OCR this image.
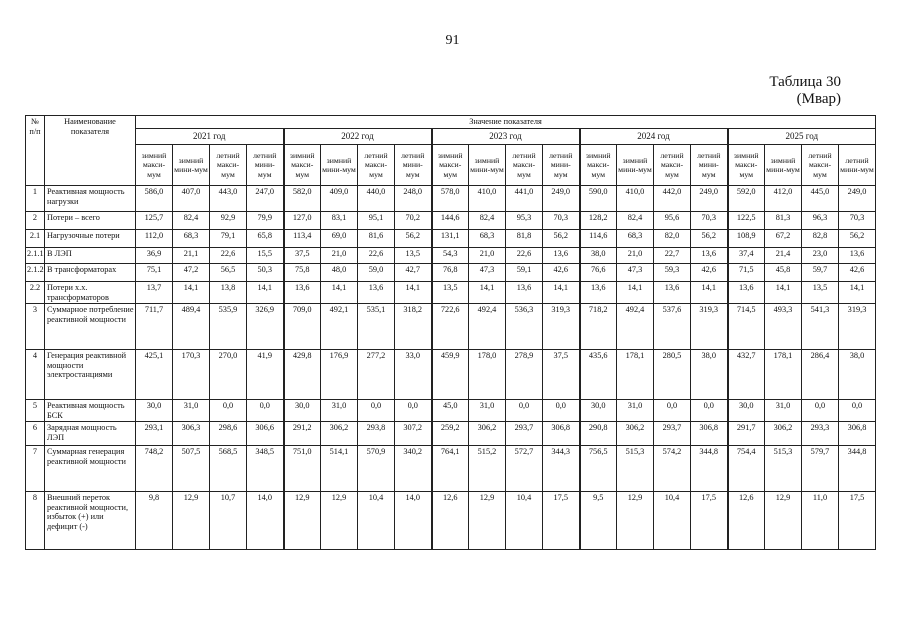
91
Таблица 30
(Мвар)
№ п/п	Наименование показателя	Значение показателя																			
		2021 год				2022 год				2023 год				2024 год				2025 год			
		зимний макси-мум	зимний мини-мум	летний макси-мум	летний мини-мум	зимний макси-мум	зимний мини-мум	летний макси-мум	летний мини-мум	зимний макси-мум	зимний мини-мум	летний макси-мум	летний мини-мум	зимний макси-мум	зимний мини-мум	летний макси-мум	летний мини-мум	зимний макси-мум	зимний мини-мум	летний макси-мум	летний мини-мум
1	Реактивная мощность нагрузки	586,0	407,0	443,0	247,0	582,0	409,0	440,0	248,0	578,0	410,0	441,0	249,0	590,0	410,0	442,0	249,0	592,0	412,0	445,0	249,0
2	Потери – всего	125,7	82,4	92,9	79,9	127,0	83,1	95,1	70,2	144,6	82,4	95,3	70,3	128,2	82,4	95,6	70,3	122,5	81,3	96,3	70,3
2.1	Нагрузочные потери	112,0	68,3	79,1	65,8	113,4	69,0	81,6	56,2	131,1	68,3	81,8	56,2	114,6	68,3	82,0	56,2	108,9	67,2	82,8	56,2
2.1.1	В ЛЭП	36,9	21,1	22,6	15,5	37,5	21,0	22,6	13,5	54,3	21,0	22,6	13,6	38,0	21,0	22,7	13,6	37,4	21,4	23,0	13,6
2.1.2	В трансформаторах	75,1	47,2	56,5	50,3	75,8	48,0	59,0	42,7	76,8	47,3	59,1	42,6	76,6	47,3	59,3	42,6	71,5	45,8	59,7	42,6
2.2	Потери х.х. трансформаторов	13,7	14,1	13,8	14,1	13,6	14,1	13,6	14,1	13,5	14,1	13,6	14,1	13,6	14,1	13,6	14,1	13,6	14,1	13,5	14,1
3	Суммарное потребление реактивной мощности	711,7	489,4	535,9	326,9	709,0	492,1	535,1	318,2	722,6	492,4	536,3	319,3	718,2	492,4	537,6	319,3	714,5	493,3	541,3	319,3
4	Генерация реактивной мощности электростанциями	425,1	170,3	270,0	41,9	429,8	176,9	277,2	33,0	459,9	178,0	278,9	37,5	435,6	178,1	280,5	38,0	432,7	178,1	286,4	38,0
5	Реактивная мощность БСК	30,0	31,0	0,0	0,0	30,0	31,0	0,0	0,0	45,0	31,0	0,0	0,0	30,0	31,0	0,0	0,0	30,0	31,0	0,0	0,0
6	Зарядная мощность ЛЭП	293,1	306,3	298,6	306,6	291,2	306,2	293,8	307,2	259,2	306,2	293,7	306,8	290,8	306,2	293,7	306,8	291,7	306,2	293,3	306,8
7	Суммарная генерация реактивной мощности	748,2	507,5	568,5	348,5	751,0	514,1	570,9	340,2	764,1	515,2	572,7	344,3	756,5	515,3	574,2	344,8	754,4	515,3	579,7	344,8
8	Внешний переток реактивной мощности, избыток (+) или дефицит (-)	9,8	12,9	10,7	14,0	12,9	12,9	10,4	14,0	12,6	12,9	10,4	17,5	9,5	12,9	10,4	17,5	12,6	12,9	11,0	17,5
